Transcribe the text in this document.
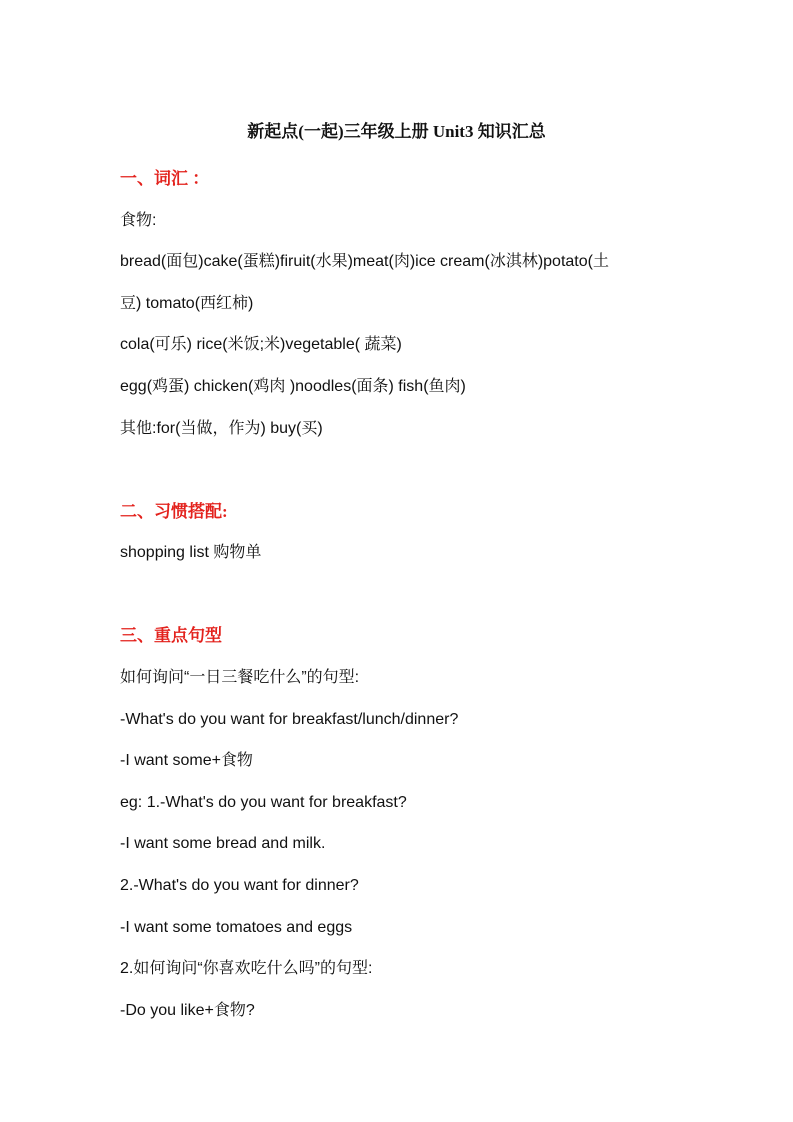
新起点(一起)三年级上册 Unit3 知识汇总
一、词汇 ：
食物:
bread(面包)cake(蛋糕)firuit(水果)meat(肉)ice cream(冰淇林)potato(土
豆) tomato(西红柿)
cola(可乐) rice(米饭;米)vegetable( 蔬菜)
egg(鸡蛋) chicken(鸡肉 )noodles(面条) fish(鱼肉)
其他:for(当做，作为) buy(买)
二、习惯搭配:
shopping list 购物单
三、重点句型
如何询问“一日三餐吃什么”的句型:
-What's do you want for breakfast/lunch/dinner?
-I want some+食物
eg: 1.-What's do you want for breakfast?
-I want some bread and milk.
2.-What's do you want for dinner?
-I want some tomatoes and eggs
2.如何询问“你喜欢吃什么吗”的句型:
-Do you like+食物?
